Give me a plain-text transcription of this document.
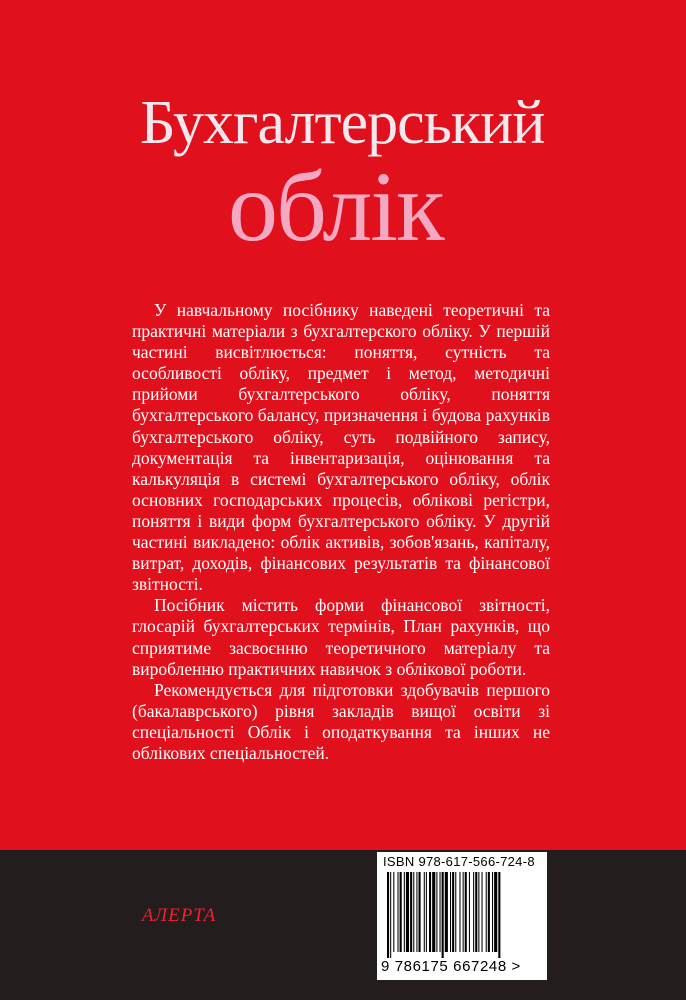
Бухгалтерський
облік

У навчальному посібнику наведені теоретичні та практичні матеріали з бухгалтерского обліку. У першій частині висвітлюється: поняття, сутність та особливості обліку, предмет і метод, методичні прийоми бухгалтерського обліку, поняття бухгалтерського балансу, призначення і будова рахунків бухгалтерського обліку, суть подвійного запису, документація та інвентаризація, оцінювання та калькуляція в системі бухгалтерського обліку, облік основних господарських процесів, облікові регістри, поняття і види форм бухгалтерського обліку. У другій частині викладено: облік активів, зобов'язань, капіталу, витрат, доходів, фінансових результатів та фінансової звітності.

Посібник містить форми фінансової звітності, глосарій бухгалтерських термінів, План рахунків, що сприятиме засвоєнню теоретичного матеріалу та виробленню практичних навичок з облікової роботи.

Рекомендується для підготовки здобувачів першого (бакалаврського) рівня закладів вищої освіти зі спеціальності Облік і оподаткування та інших не облікових спеціальностей.

АЛЕРТА
ISBN 978-617-566-724-8
9 786175 667248 >
